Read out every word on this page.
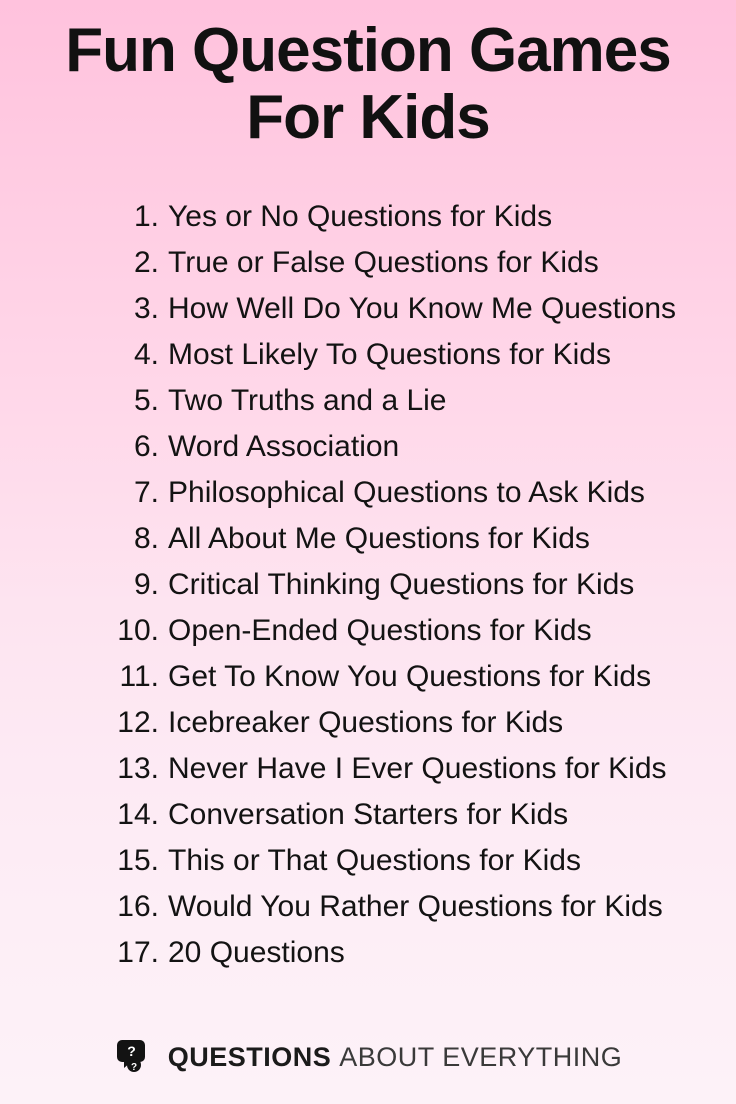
Fun Question Games
For Kids
1. Yes or No Questions for Kids
2. True or False Questions for Kids
3. How Well Do You Know Me Questions
4. Most Likely To Questions for Kids
5. Two Truths and a Lie
6. Word Association
7. Philosophical Questions to Ask Kids
8. All About Me Questions for Kids
9. Critical Thinking Questions for Kids
10. Open-Ended Questions for Kids
11. Get To Know You Questions for Kids
12. Icebreaker Questions for Kids
13. Never Have I Ever Questions for Kids
14. Conversation Starters for Kids
15. This or That Questions for Kids
16. Would You Rather Questions for Kids
17. 20 Questions
?
? QUESTIONS ABOUT EVERYTHING
